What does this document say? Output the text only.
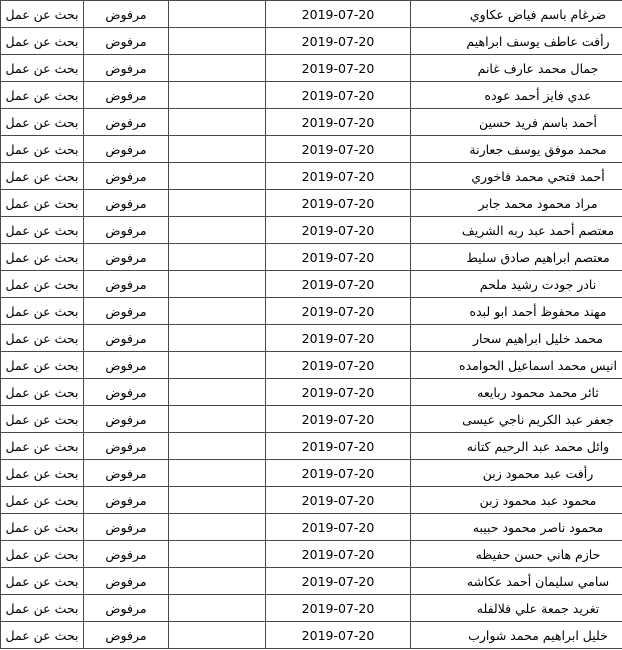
ضرغام باسم فياض عكاوي	2019-07-20		مرفوض	بحث عن عمل
رأفت عاطف يوسف ابراهيم	2019-07-20		مرفوض	بحث عن عمل
جمال محمد عارف غانم	2019-07-20		مرفوض	بحث عن عمل
عدي فايز أحمد عوده	2019-07-20		مرفوض	بحث عن عمل
أحمد باسم فريد حسين	2019-07-20		مرفوض	بحث عن عمل
محمد موفق يوسف جعارنة	2019-07-20		مرفوض	بحث عن عمل
أحمد فتحي محمد فاخوري	2019-07-20		مرفوض	بحث عن عمل
مراد محمود محمد جابر	2019-07-20		مرفوض	بحث عن عمل
معتصم أحمد عبد ربه الشريف	2019-07-20		مرفوض	بحث عن عمل
معتصم ابراهيم صادق سليط	2019-07-20		مرفوض	بحث عن عمل
نادر جودت رشيد ملحم	2019-07-20		مرفوض	بحث عن عمل
مهند محفوظ أحمد ابو لبده	2019-07-20		مرفوض	بحث عن عمل
محمد خليل ابراهيم سحار	2019-07-20		مرفوض	بحث عن عمل
انيس محمد اسماعيل الحوامده	2019-07-20		مرفوض	بحث عن عمل
ثائر محمد محمود ربايعه	2019-07-20		مرفوض	بحث عن عمل
جعفر عبد الكريم ناجي عيسى	2019-07-20		مرفوض	بحث عن عمل
وائل محمد عبد الرحيم كتانه	2019-07-20		مرفوض	بحث عن عمل
رأفت عبد محمود زبن	2019-07-20		مرفوض	بحث عن عمل
محمود عبد محمود زبن	2019-07-20		مرفوض	بحث عن عمل
محمود ناصر محمود حبيبه	2019-07-20		مرفوض	بحث عن عمل
حازم هاني حسن حفيظه	2019-07-20		مرفوض	بحث عن عمل
سامي سليمان أحمد عكاشه	2019-07-20		مرفوض	بحث عن عمل
تغريد جمعة علي فلالفله	2019-07-20		مرفوض	بحث عن عمل
خليل ابراهيم محمد شوارب	2019-07-20		مرفوض	بحث عن عمل
